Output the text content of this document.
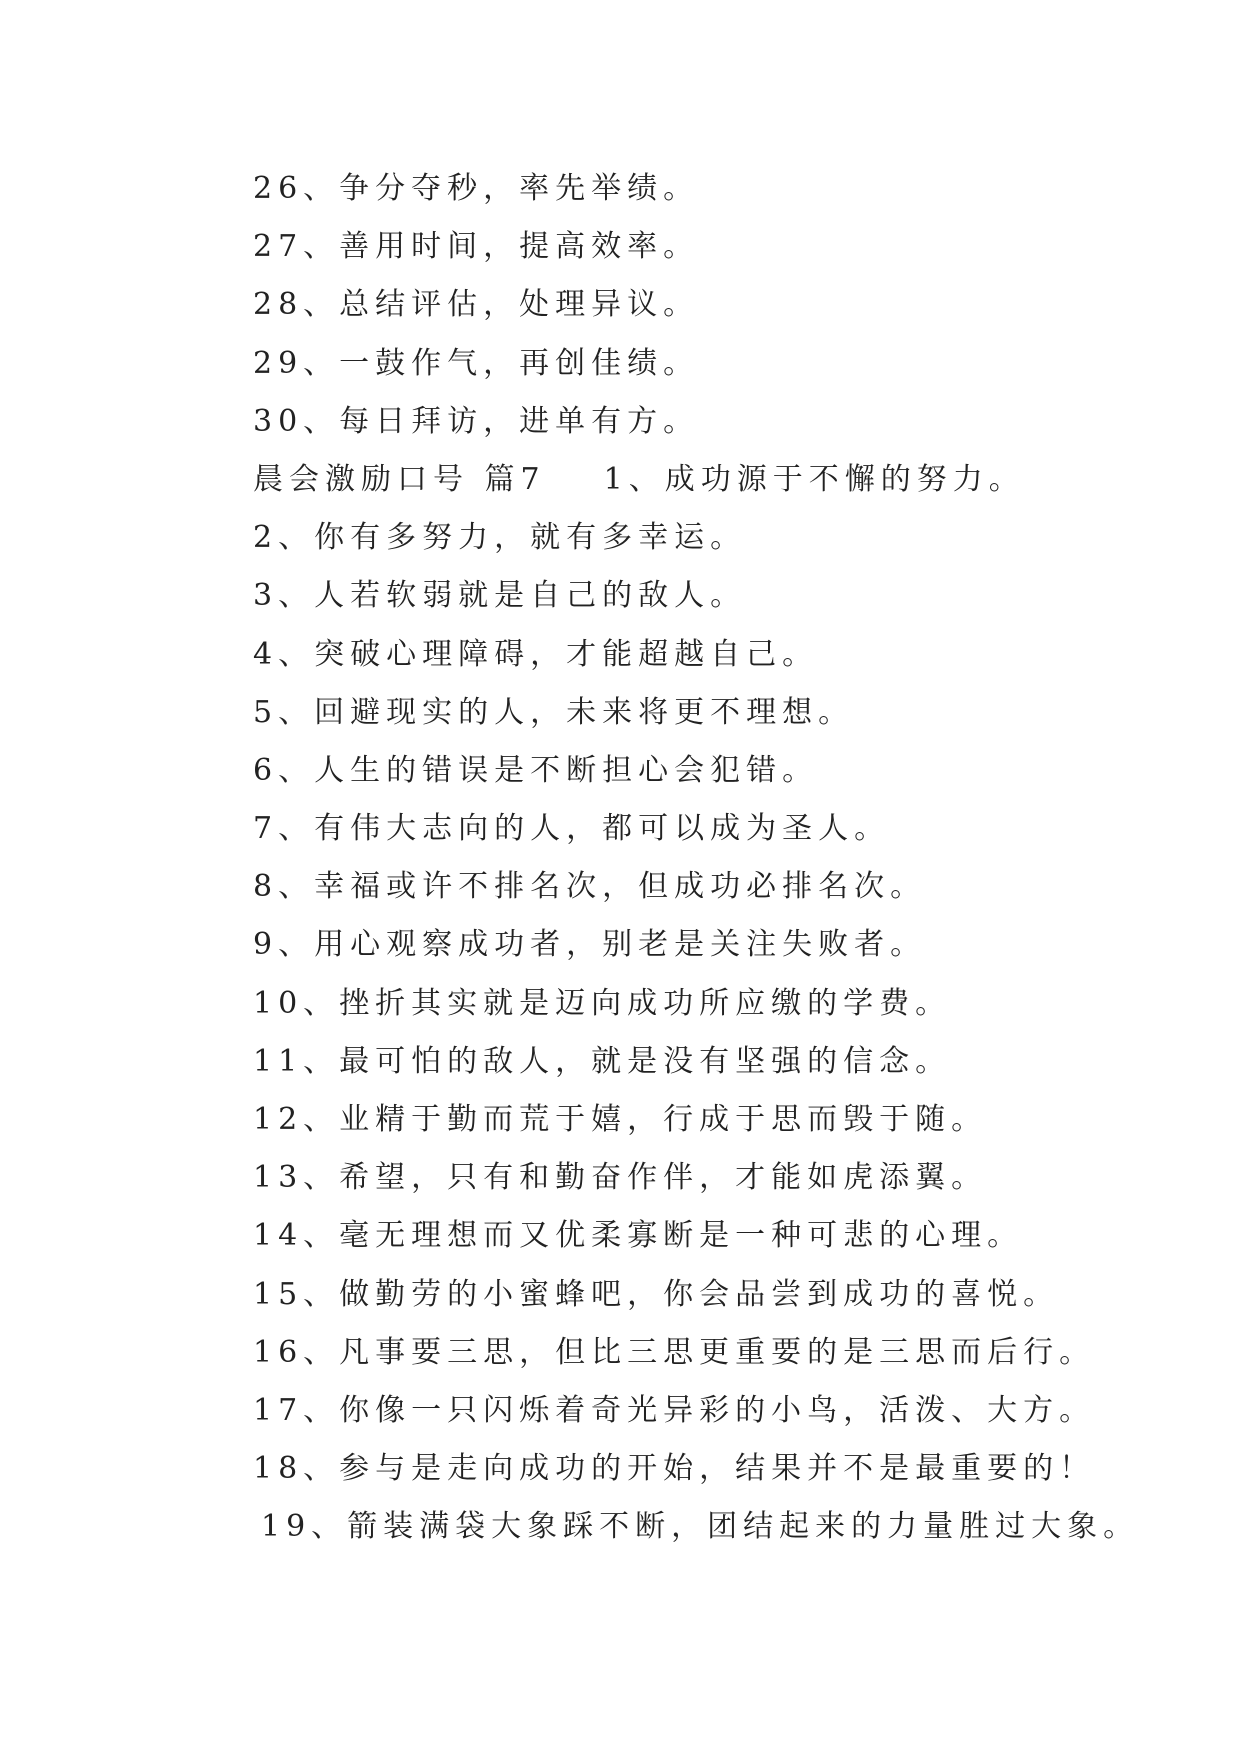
26、争分夺秒，率先举绩。
27、善用时间，提高效率。
28、总结评估，处理异议。
29、一鼓作气，再创佳绩。
30、每日拜访，进单有方。
晨会激励口号 篇7 1、成功源于不懈的努力。
2、你有多努力，就有多幸运。
3、人若软弱就是自己的敌人。
4、突破心理障碍，才能超越自己。
5、回避现实的人，未来将更不理想。
6、人生的错误是不断担心会犯错。
7、有伟大志向的人，都可以成为圣人。
8、幸福或许不排名次，但成功必排名次。
9、用心观察成功者，别老是关注失败者。
10、挫折其实就是迈向成功所应缴的学费。
11、最可怕的敌人，就是没有坚强的信念。
12、业精于勤而荒于嬉，行成于思而毁于随。
13、希望，只有和勤奋作伴，才能如虎添翼。
14、毫无理想而又优柔寡断是一种可悲的心理。
15、做勤劳的小蜜蜂吧，你会品尝到成功的喜悦。
16、凡事要三思，但比三思更重要的是三思而后行。
17、你像一只闪烁着奇光异彩的小鸟，活泼、大方。
18、参与是走向成功的开始，结果并不是最重要的！
19、箭装满袋大象踩不断，团结起来的力量胜过大象。
